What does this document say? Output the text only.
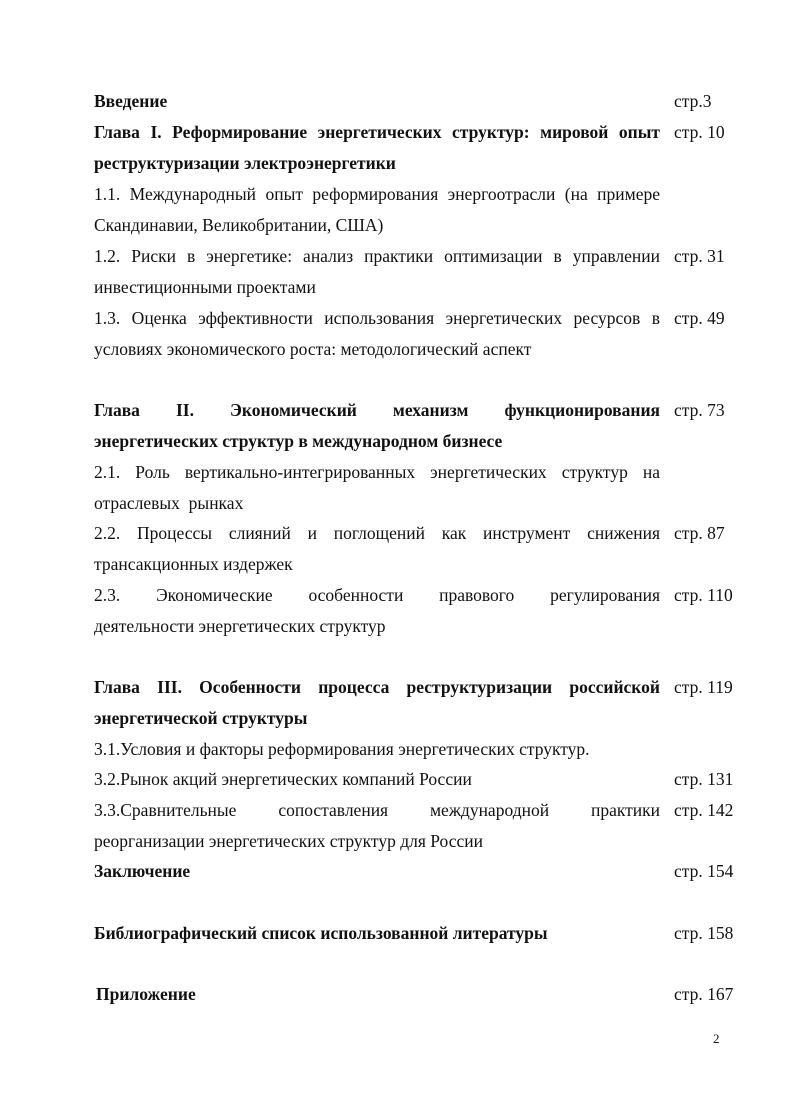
Введение	стр.3
Глава I. Реформирование энергетических структур: мировой опыт
реструктуризации электроэнергетики
стр. 10
1.1. Международный опыт реформирования энергоотрасли (на примере
Скандинавии, Великобритании, США)
1.2. Риски в энергетике: анализ практики оптимизации в управлении
инвестиционными проектами
стр. 31
1.3. Оценка эффективности использования энергетических ресурсов в
условиях экономического роста: методологический аспект
стр. 49
Глава II. Экономический механизм функционирования
энергетических структур в международном бизнесе
стр. 73
2.1. Роль вертикально-интегрированных энергетических структур на
отраслевых  рынках
2.2. Процессы слияний и поглощений как инструмент снижения
трансакционных издержек
стр. 87
2.3. Экономические особенности правового регулирования
деятельности энергетических структур
стр. 110
Глава III. Особенности процесса реструктуризации российской
энергетической структуры
стр. 119
3.1.Условия и факторы реформирования энергетических структур.
3.2.Рынок акций энергетических компаний России	стр. 131
3.3.Сравнительные сопоставления международной практики
реорганизации энергетических структур для России
стр. 142
Заключение	стр. 154
Библиографический список использованной литературы	стр. 158
Приложение	стр. 167
2
